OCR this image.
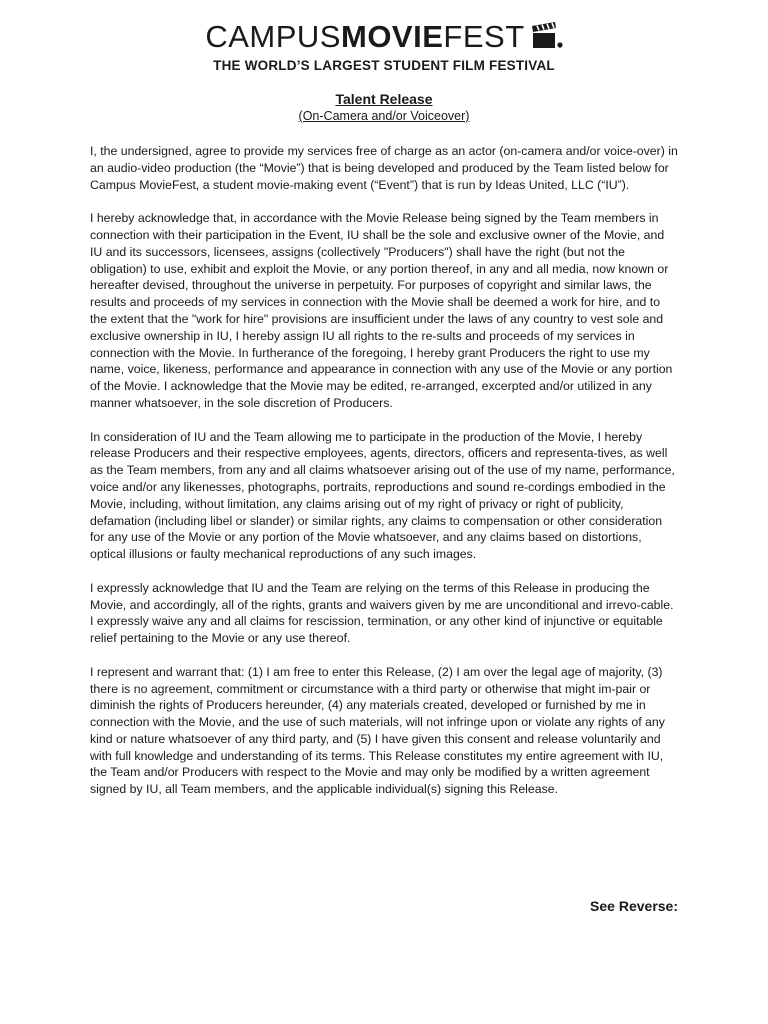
CAMPUSMOVIEFEST
THE WORLD’S LARGEST STUDENT FILM FESTIVAL
Talent Release
(On-Camera and/or Voiceover)

I, the undersigned, agree to provide my services free of charge as an actor (on-camera and/or voice-over) in an audio-video production (the “Movie”) that is being developed and produced by the Team listed below for Campus MovieFest, a student movie-making event (“Event”) that is run by Ideas United, LLC (“IU”).

I hereby acknowledge that, in accordance with the Movie Release being signed by the Team members in connection with their participation in the Event, IU shall be the sole and exclusive owner of the Movie, and IU and its successors, licensees, assigns (collectively "Producers") shall have the right (but not the obligation) to use, exhibit and exploit the Movie, or any portion thereof, in any and all media, now known or hereafter devised, throughout the universe in perpetuity. For purposes of copyright and similar laws, the results and proceeds of my services in connection with the Movie shall be deemed a work for hire, and to the extent that the "work for hire" provisions are insufficient under the laws of any country to vest sole and exclusive ownership in IU, I hereby assign IU all rights to the re-sults and proceeds of my services in connection with the Movie. In furtherance of the foregoing, I hereby grant Producers the right to use my name, voice, likeness, performance and appearance in connection with any use of the Movie or any portion of the Movie. I acknowledge that the Movie may be edited, re-arranged, excerpted and/or utilized in any manner whatsoever, in the sole discretion of Producers.

In consideration of IU and the Team allowing me to participate in the production of the Movie, I hereby release Producers and their respective employees, agents, directors, officers and representa-tives, as well as the Team members, from any and all claims whatsoever arising out of the use of my name, performance, voice and/or any likenesses, photographs, portraits, reproductions and sound re-cordings embodied in the Movie, including, without limitation, any claims arising out of my right of privacy or right of publicity, defamation (including libel or slander) or similar rights, any claims to compensation or other consideration for any use of the Movie or any portion of the Movie whatsoever, and any claims based on distortions, optical illusions or faulty mechanical reproductions of any such images.

I expressly acknowledge that IU and the Team are relying on the terms of this Release in producing the Movie, and accordingly, all of the rights, grants and waivers given by me are unconditional and irrevo-cable. I expressly waive any and all claims for rescission, termination, or any other kind of injunctive or equitable relief pertaining to the Movie or any use thereof.

I represent and warrant that: (1) I am free to enter this Release, (2) I am over the legal age of majority, (3) there is no agreement, commitment or circumstance with a third party or otherwise that might im-pair or diminish the rights of Producers hereunder, (4) any materials created, developed or furnished by me in connection with the Movie, and the use of such materials, will not infringe upon or violate any rights of any kind or nature whatsoever of any third party, and (5) I have given this consent and release voluntarily and with full knowledge and understanding of its terms. This Release constitutes my entire agreement with IU, the Team and/or Producers with respect to the Movie and may only be modified by a written agreement signed by IU, all Team members, and the applicable individual(s) signing this Release.

See Reverse:
